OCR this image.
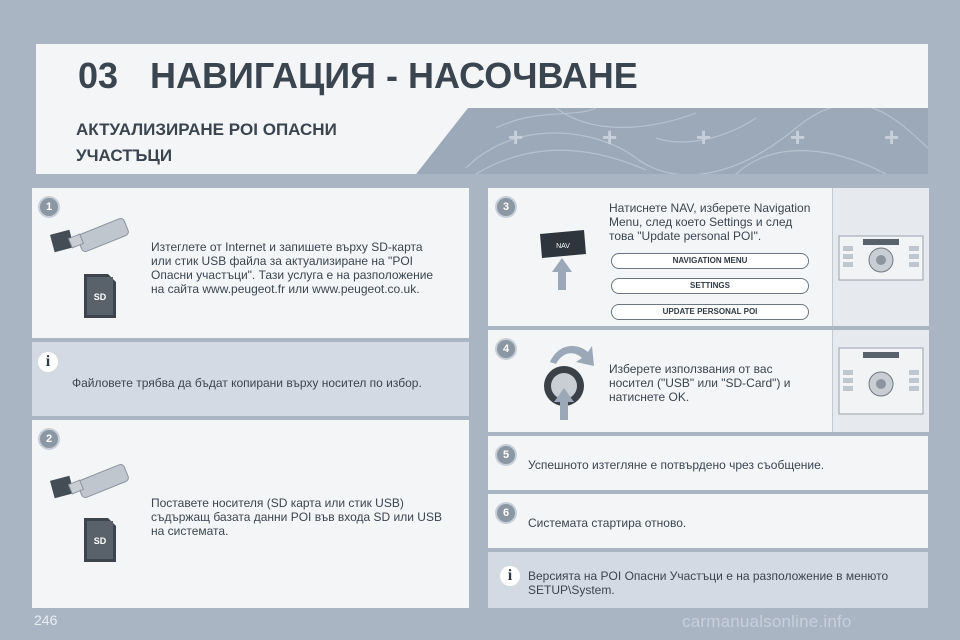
03 НАВИГАЦИЯ - НАСОЧВАНЕ
+	+	+	+	+
АКТУАЛИЗИРАНЕ POI ОПАСНИ
УЧАСТЪЦИ
1
SD
Изтеглете от Internet и запишете върху SD-карта
или стик USB файла за актуализиране на "POI
Опасни участъци". Тази услуга е на разположение
на сайта www.peugeot.fr или www.peugeot.co.uk.
i
Файловете трябва да бъдат копирани върху носител по избор.
2
SD
Поставете носителя (SD карта или стик USB)
съдържащ базата данни POI във входа SD или USB
на системата.
3
NAV
Натиснете NAV, изберете Navigation
Menu, след което Settings и след
това "Update personal POI".
NAVIGATION MENU
SETTINGS
UPDATE PERSONAL POI
4
Изберете използвания от вас
носител ("USB" или "SD-Card") и
натиснете OK.
5
Успешното изтегляне е потвърдено чрез съобщение.
6
Системата стартира отново.
i	Версията на POI Опасни Участъци е на разположение в менюто
SETUP\System.
246	carmanualsonline.info
